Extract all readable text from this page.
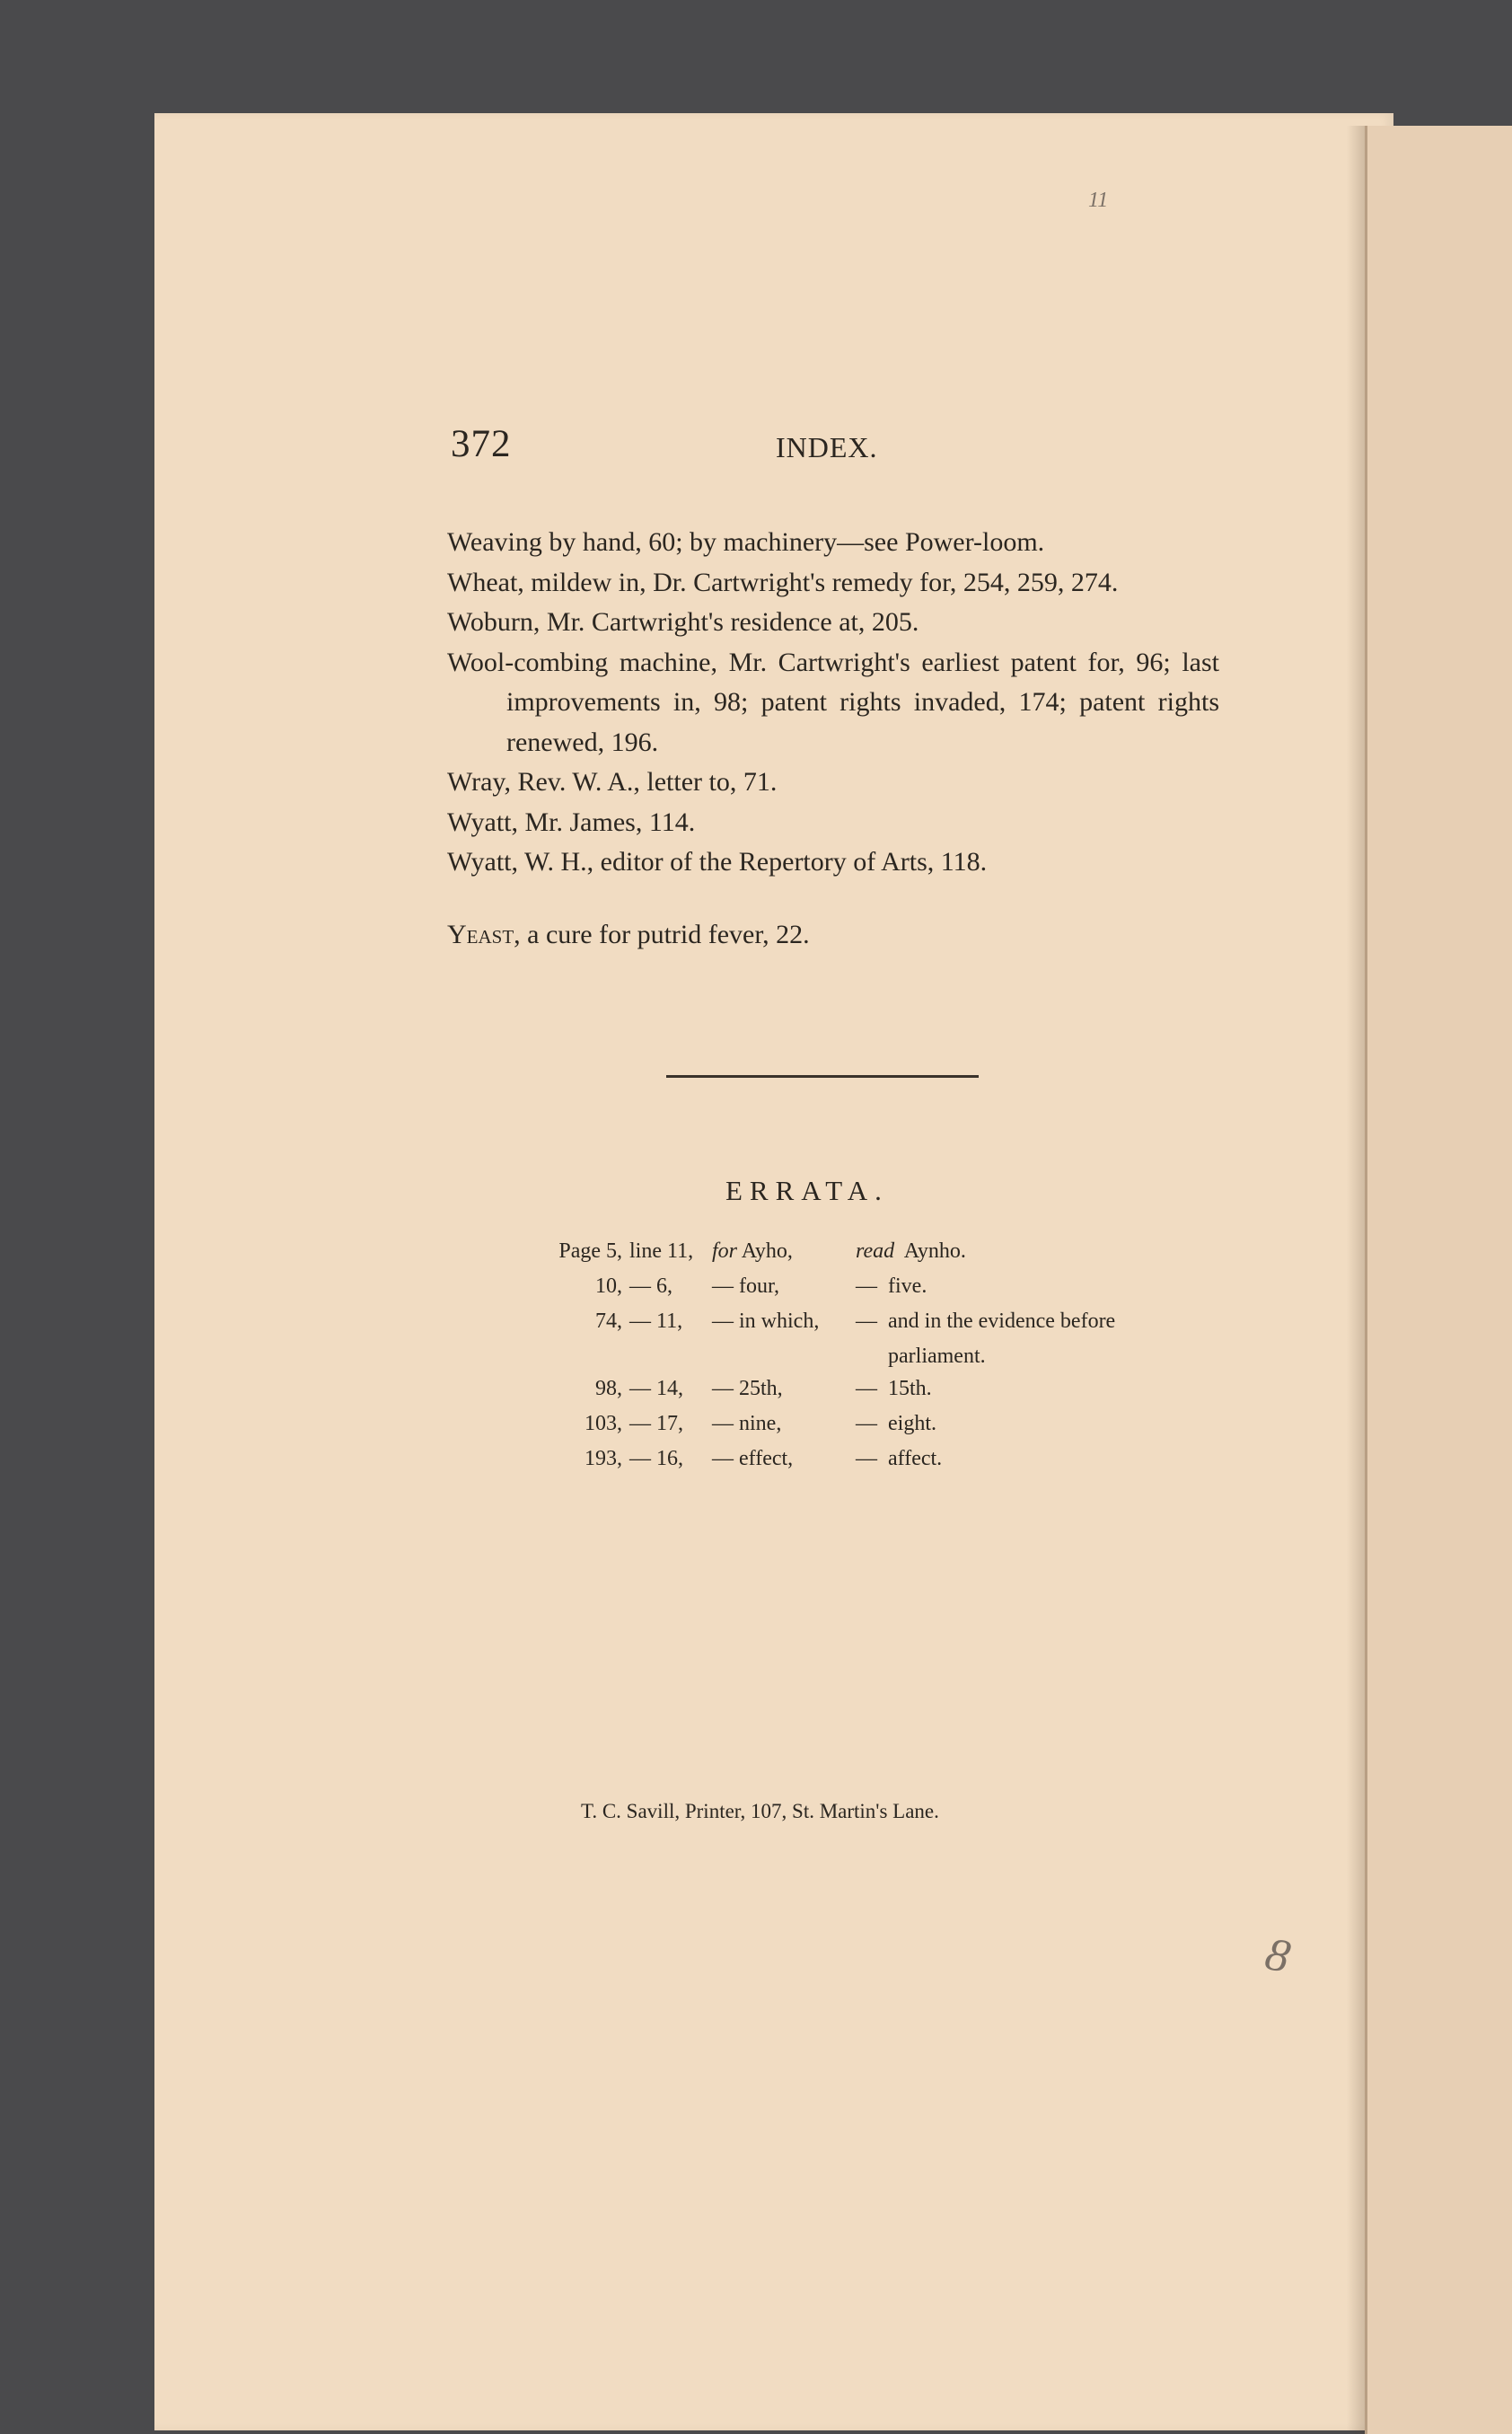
11
8
372	INDEX.

Weaving by hand, 60; by machinery—see Power-loom.

Wheat, mildew in, Dr. Cartwright's remedy for, 254, 259, 274.

Woburn, Mr. Cartwright's residence at, 205.

Wool-combing machine, Mr. Cartwright's earliest patent for, 96; last improvements in, 98; patent rights invaded, 174; patent rights renewed, 196.

Wray, Rev. W. A., letter to, 71.

Wyatt, Mr. James, 114.

Wyatt, W. H., editor of the Repertory of Arts, 118.

Yeast, a cure for putrid fever, 22.

ERRATA.
Page 5,	line 11,	for Ayho,	read Aynho.
10,	— 6,	— four,	— five.
74,	— 11,	— in which,	— and in the evidence before
			parliament.
98,	— 14,	— 25th,	— 15th.
103,	— 17,	— nine,	— eight.
193,	— 16,	— effect,	— affect.
T. C. Savill, Printer, 107, St. Martin's Lane.
